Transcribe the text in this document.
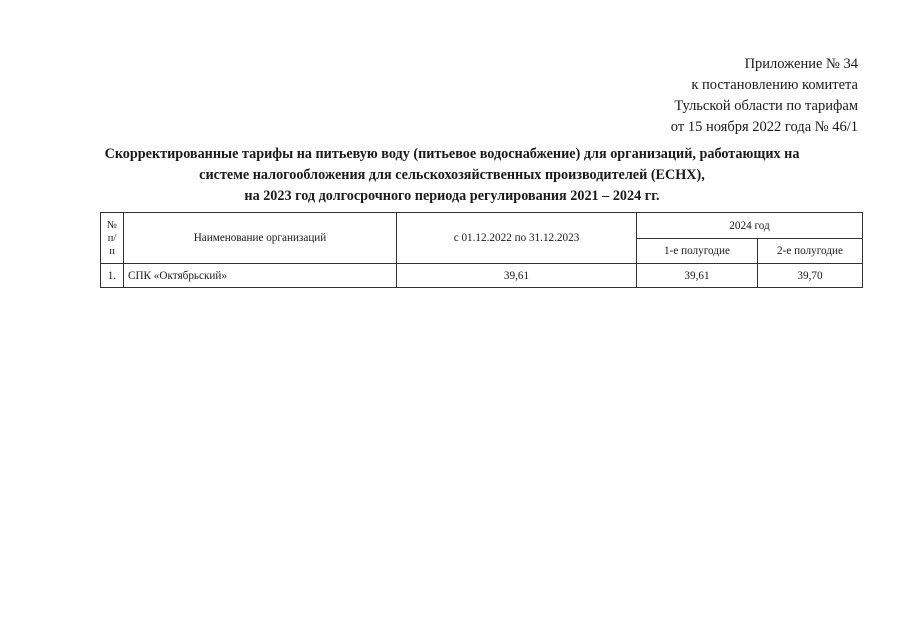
Приложение № 34
к постановлению комитета
Тульской области по тарифам
от 15 ноября 2022 года № 46/1
Скорректированные тарифы на питьевую воду (питьевое водоснабжение) для организаций, работающих на
системе налогообложения для сельскохозяйственных производителей (ЕСНХ),
на 2023 год долгосрочного периода регулирования 2021 – 2024 гг.
№
п/п	Наименование организаций	с 01.12.2022 по 31.12.2023	2024 год	
			1-е полугодие	2-е полугодие
1.	СПК «Октябрьский»	39,61	39,61	39,70
